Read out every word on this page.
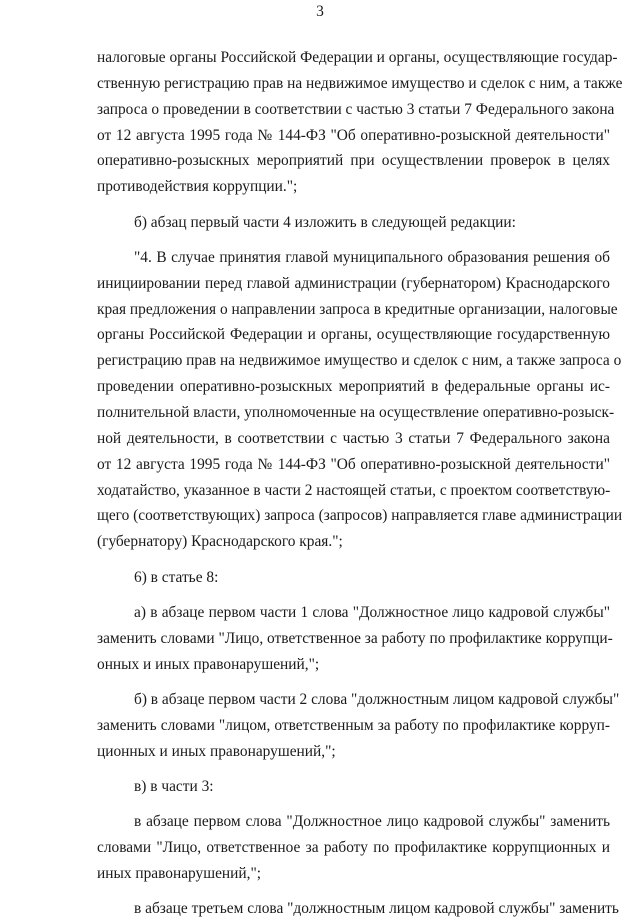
3
налоговые органы Российской Федерации и органы, осуществляющие государ-
ственную регистрацию прав на недвижимое имущество и сделок с ним, а также
запроса о проведении в соответствии с частью 3 статьи 7 Федерального закона
от 12 августа 1995 года № 144-ФЗ "Об оперативно-розыскной деятельности"
оперативно-розыскных мероприятий при осуществлении проверок в целях
противодействия коррупции.";
б) абзац первый части 4 изложить в следующей редакции:
"4. В случае принятия главой муниципального образования решения об
инициировании перед главой администрации (губернатором) Краснодарского
края предложения о направлении запроса в кредитные организации, налоговые
органы Российской Федерации и органы, осуществляющие государственную
регистрацию прав на недвижимое имущество и сделок с ним, а также запроса о
проведении оперативно-розыскных мероприятий в федеральные органы ис-
полнительной власти, уполномоченные на осуществление оперативно-розыск-
ной деятельности, в соответствии с частью 3 статьи 7 Федерального закона
от 12 августа 1995 года № 144-ФЗ "Об оперативно-розыскной деятельности"
ходатайство, указанное в части 2 настоящей статьи, с проектом соответствую-
щего (соответствующих) запроса (запросов) направляется главе администрации
(губернатору) Краснодарского края.";
6) в статье 8:
а) в абзаце первом части 1 слова "Должностное лицо кадровой службы"
заменить словами "Лицо, ответственное за работу по профилактике коррупци-
онных и иных правонарушений,";
б) в абзаце первом части 2 слова "должностным лицом кадровой службы"
заменить словами "лицом, ответственным за работу по профилактике корруп-
ционных и иных правонарушений,";
в) в части 3:
в абзаце первом слова "Должностное лицо кадровой службы" заменить
словами "Лицо, ответственное за работу по профилактике коррупционных и
иных правонарушений,";
в абзаце третьем слова "должностным лицом кадровой службы" заменить
